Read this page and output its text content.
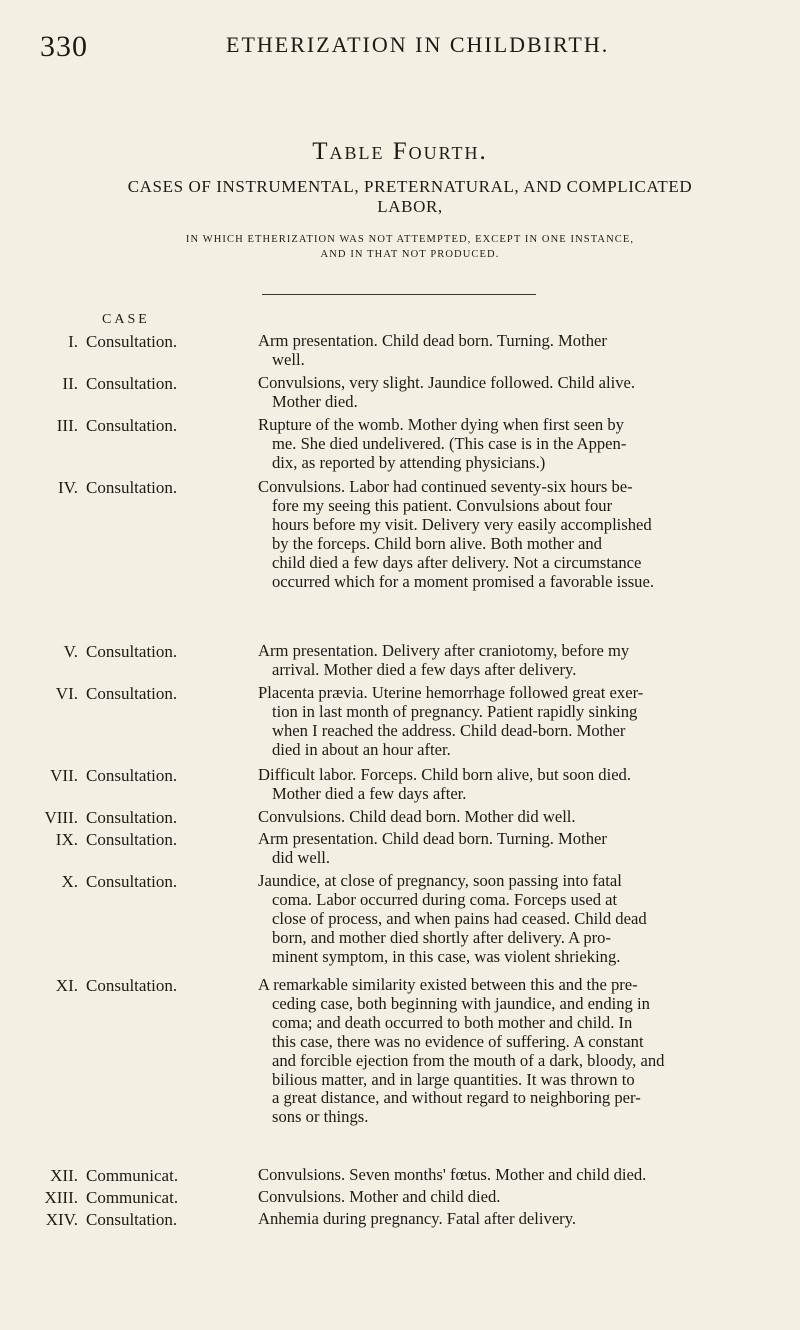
330	ETHERIZATION IN CHILDBIRTH.
Table Fourth.
CASES OF INSTRUMENTAL, PRETERNATURAL, AND COMPLICATED
LABOR,
IN WHICH ETHERIZATION WAS NOT ATTEMPTED, EXCEPT IN ONE INSTANCE,
AND IN THAT NOT PRODUCED.
CASE
I. Consultation.	Arm presentation. Child dead born. Turning. Mother
well.
II. Consultation.	Convulsions, very slight. Jaundice followed. Child alive.
Mother died.
III. Consultation.	Rupture of the womb. Mother dying when first seen by
me. She died undelivered. (This case is in the Appen-
dix, as reported by attending physicians.)
IV. Consultation.	Convulsions. Labor had continued seventy-six hours be-
fore my seeing this patient. Convulsions about four
hours before my visit. Delivery very easily accomplished
by the forceps. Child born alive. Both mother and
child died a few days after delivery. Not a circumstance
occurred which for a moment promised a favorable issue.
V. Consultation.	Arm presentation. Delivery after craniotomy, before my
arrival. Mother died a few days after delivery.
VI. Consultation.	Placenta prævia. Uterine hemorrhage followed great exer-
tion in last month of pregnancy. Patient rapidly sinking
when I reached the address. Child dead-born. Mother
died in about an hour after.
VII. Consultation.	Difficult labor. Forceps. Child born alive, but soon died.
Mother died a few days after.
VIII. Consultation.	Convulsions. Child dead born. Mother did well.
IX. Consultation.	Arm presentation. Child dead born. Turning. Mother
did well.
X. Consultation.	Jaundice, at close of pregnancy, soon passing into fatal
coma. Labor occurred during coma. Forceps used at
close of process, and when pains had ceased. Child dead
born, and mother died shortly after delivery. A pro-
minent symptom, in this case, was violent shrieking.
XI. Consultation.	A remarkable similarity existed between this and the pre-
ceding case, both beginning with jaundice, and ending in
coma; and death occurred to both mother and child. In
this case, there was no evidence of suffering. A constant
and forcible ejection from the mouth of a dark, bloody, and
bilious matter, and in large quantities. It was thrown to
a great distance, and without regard to neighboring per-
sons or things.
XII. Communicat.	Convulsions. Seven months' fœtus. Mother and child died.
XIII. Communicat.	Convulsions. Mother and child died.
XIV. Consultation.	Anhemia during pregnancy. Fatal after delivery.
